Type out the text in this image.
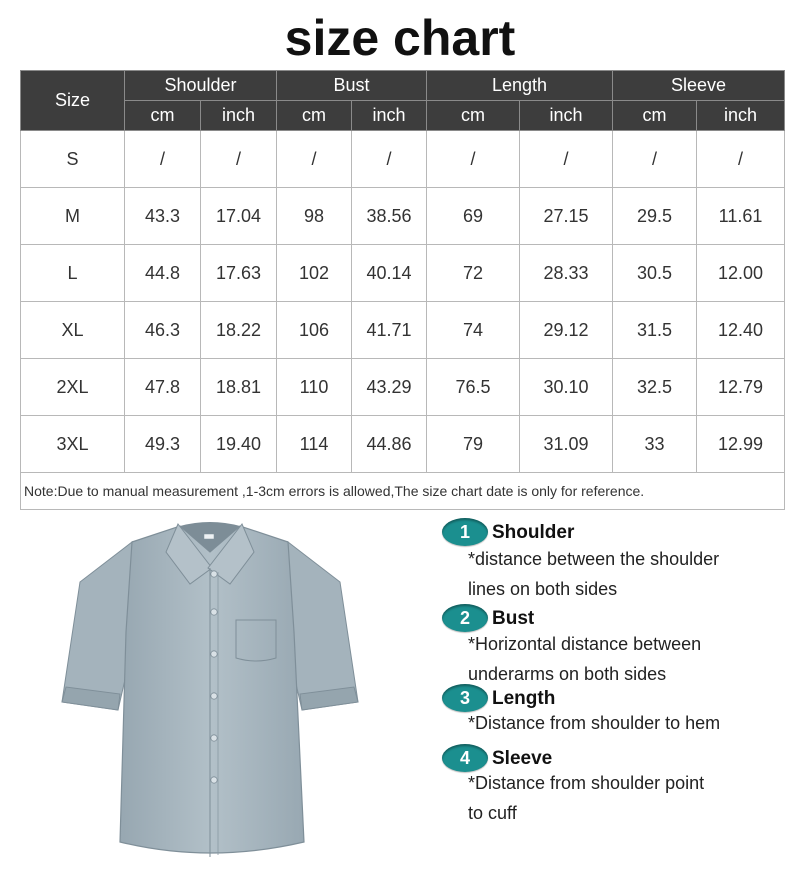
size chart
Size	Shoulder		Bust		Length		Sleeve	
	cm	inch	cm	inch	cm	inch	cm	inch
S	/	/	/	/	/	/	/	/
M	43.3	17.04	98	38.56	69	27.15	29.5	11.61
L	44.8	17.63	102	40.14	72	28.33	30.5	12.00
XL	46.3	18.22	106	41.71	74	29.12	31.5	12.40
2XL	47.8	18.81	110	43.29	76.5	30.10	32.5	12.79
3XL	49.3	19.40	114	44.86	79	31.09	33	12.99
Note:Due to manual measurement ,1-3cm errors is allowed,The size chart date is only for reference.								
1	Shoulder
*distance between the shoulder
lines on both sides
2	Bust
*Horizontal distance between
underarms on both sides
3	Length
*Distance from shoulder to hem
4	Sleeve
*Distance from shoulder point
to cuff
